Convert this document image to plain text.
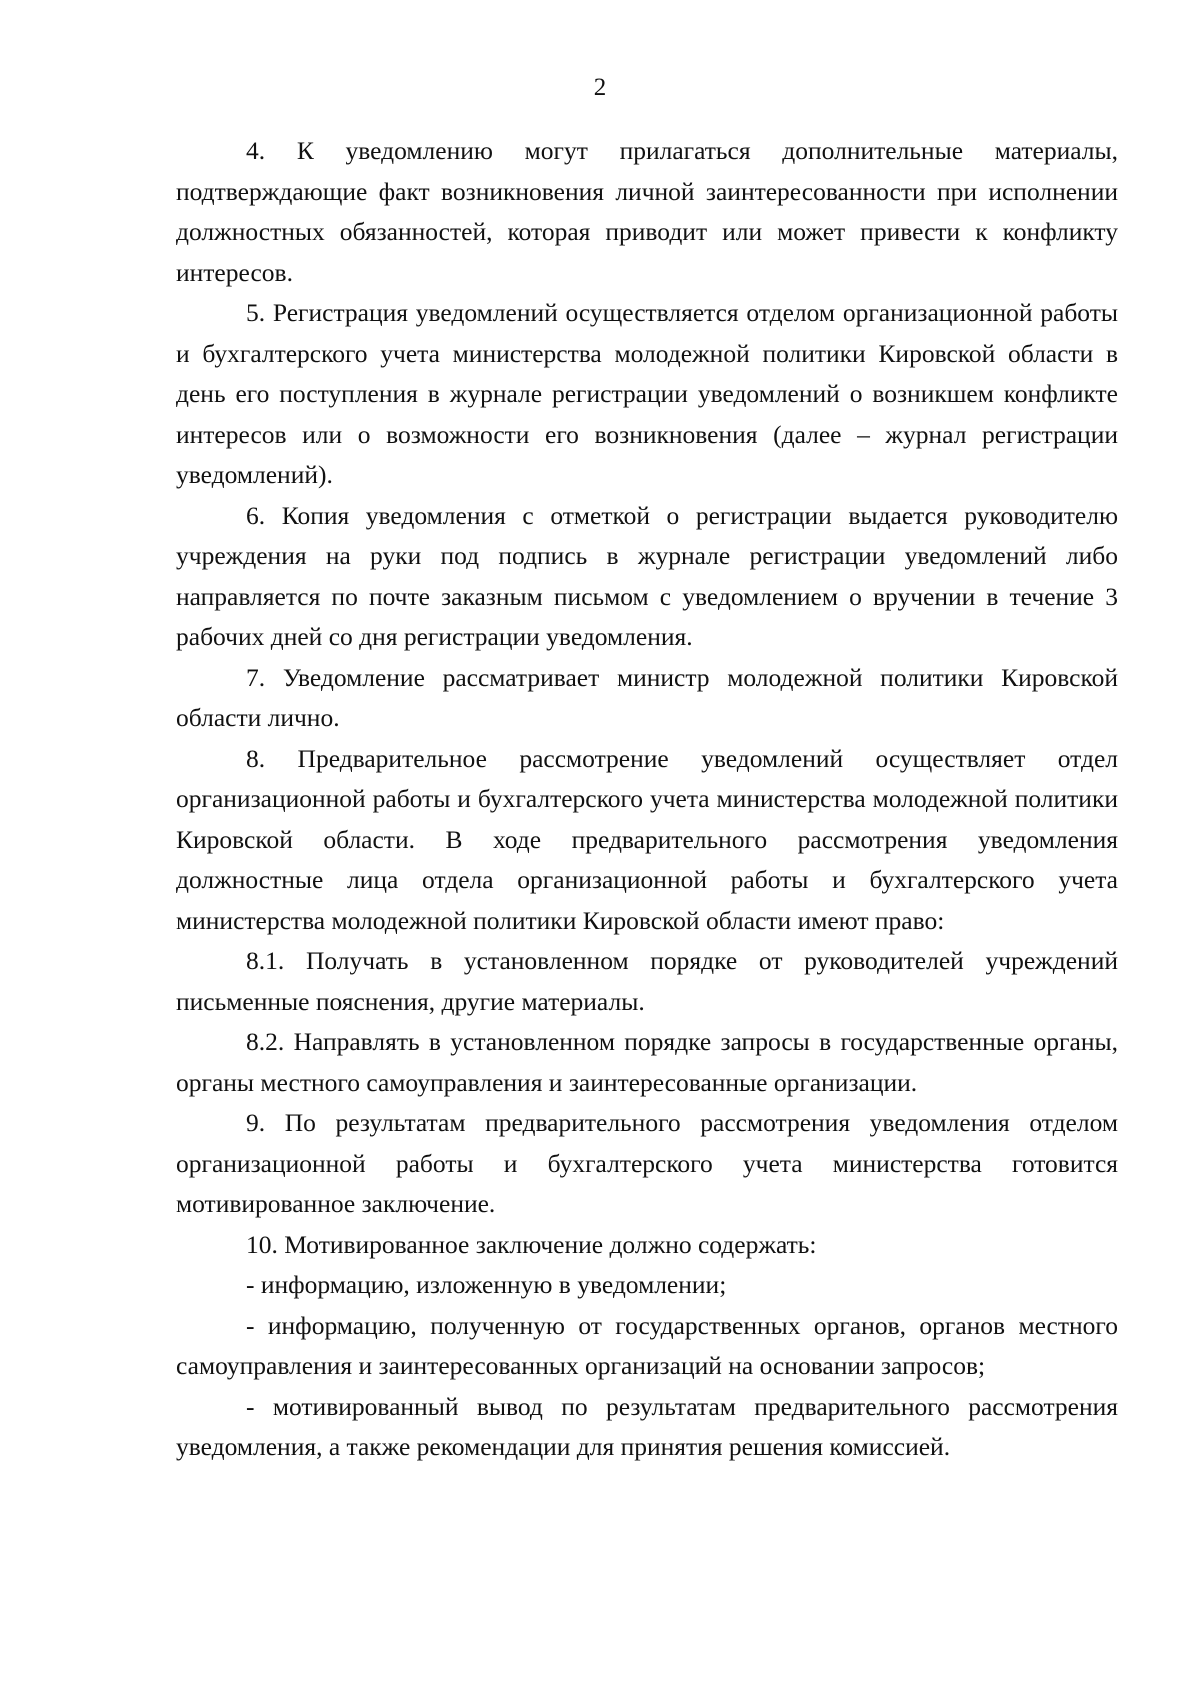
2

4. К уведомлению могут прилагаться дополнительные материалы, подтверждающие факт возникновения личной заинтересованности при исполнении должностных обязанностей, которая приводит или может привести к конфликту интересов.

5. Регистрация уведомлений осуществляется отделом организационной работы и бухгалтерского учета министерства молодежной политики Кировской области в день его поступления в журнале регистрации уведомлений о возникшем конфликте интересов или о возможности его возникновения (далее – журнал регистрации уведомлений).

6. Копия уведомления с отметкой о регистрации выдается руководителю учреждения на руки под подпись в журнале регистрации уведомлений либо направляется по почте заказным письмом с уведомлением о вручении в течение 3 рабочих дней со дня регистрации уведомления.

7. Уведомление рассматривает министр молодежной политики Кировской области лично.

8. Предварительное рассмотрение уведомлений осуществляет отдел организационной работы и бухгалтерского учета министерства молодежной политики Кировской области. В ходе предварительного рассмотрения уведомления должностные лица отдела организационной работы и бухгалтерского учета министерства молодежной политики Кировской области имеют право:

8.1. Получать в установленном порядке от руководителей учреждений письменные пояснения, другие материалы.

8.2. Направлять в установленном порядке запросы в государственные органы, органы местного самоуправления и заинтересованные организации.

9. По результатам предварительного рассмотрения уведомления отделом организационной работы и бухгалтерского учета министерства готовится мотивированное заключение.

10. Мотивированное заключение должно содержать:

- информацию, изложенную в уведомлении;

- информацию, полученную от государственных органов, органов местного самоуправления и заинтересованных организаций на основании запросов;

- мотивированный вывод по результатам предварительного рассмотрения уведомления, а также рекомендации для принятия решения комиссией.
